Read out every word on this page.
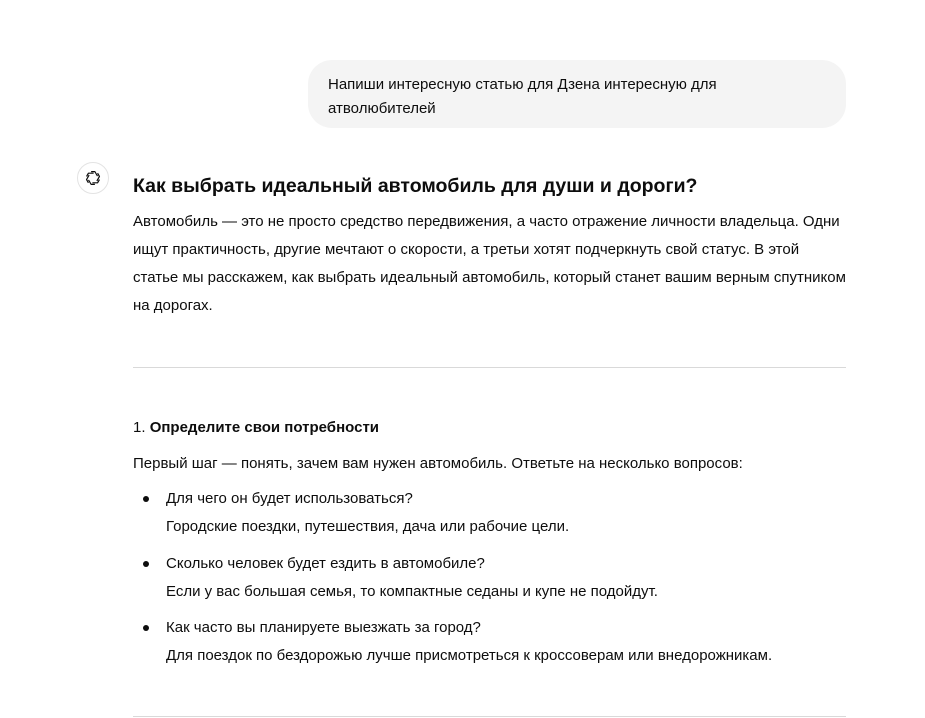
Напиши интересную статью для Дзена интересную для атволюбителей
Как выбрать идеальный автомобиль для души и дороги?

Автомобиль — это не просто средство передвижения, а часто отражение личности владельца. Одни ищут практичность, другие мечтают о скорости, а третьи хотят подчеркнуть свой статус. В этой статье мы расскажем, как выбрать идеальный автомобиль, который станет вашим верным спутником на дорогах.

1. Определите свои потребности

Первый шаг — понять, зачем вам нужен автомобиль. Ответьте на несколько вопросов:

Для чего он будет использоваться?
Городские поездки, путешествия, дача или рабочие цели.
Сколько человек будет ездить в автомобиле?
Если у вас большая семья, то компактные седаны и купе не подойдут.
Как часто вы планируете выезжать за город?
Для поездок по бездорожью лучше присмотреться к кроссоверам или внедорожникам.
